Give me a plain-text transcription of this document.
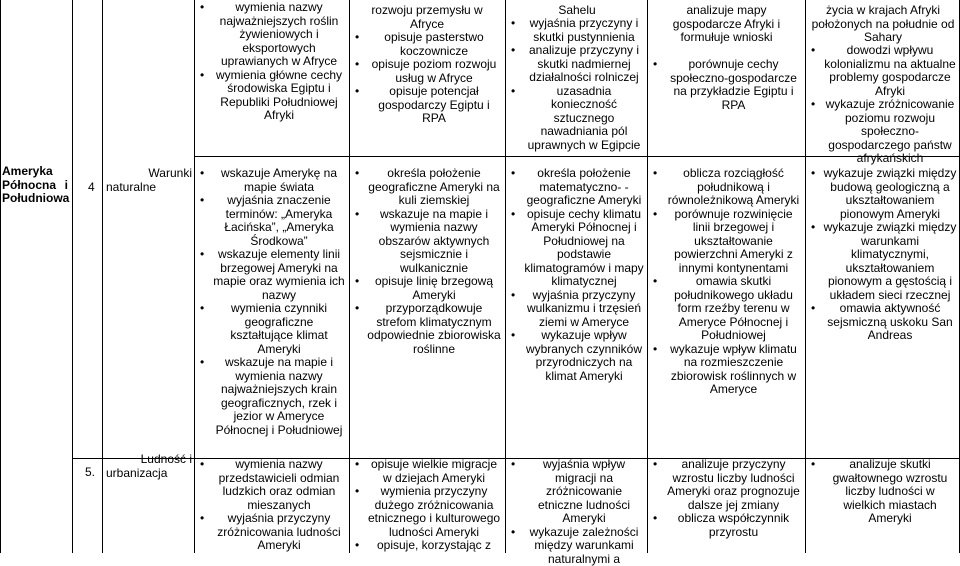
Ameryka
Północna i
Południowa
4
Warunki
naturalne
5.
Ludność i
urbanizacja
• wymienia nazwy najważniejszych roślin żywieniowych i eksportowych uprawianych w Afryce
• wymienia główne cechy środowiska Egiptu i Republiki Południowej Afryki
• wskazuje Amerykę na mapie świata
• wyjaśnia znaczenie terminów: „Ameryka Łacińska”, „Ameryka Środkowa”
• wskazuje elementy linii brzegowej Ameryki na mapie oraz wymienia ich nazwy
• wymienia czynniki geograficzne kształtujące klimat Ameryki
• wskazuje na mapie i wymienia nazwy najważniejszych krain geograficznych, rzek i jezior w Ameryce Północnej i Południowej
• wymienia nazwy przedstawicieli odmian ludzkich oraz odmian mieszanych
• wyjaśnia przyczyny zróżnicowania ludności Ameryki
rozwoju przemysłu w Afryce
• opisuje pasterstwo koczownicze
• opisuje poziom rozwoju usług w Afryce
• opisuje potencjał gospodarczy Egiptu i RPA
• określa położenie geograficzne Ameryki na kuli ziemskiej
• wskazuje na mapie i wymienia nazwy obszarów aktywnych sejsmicznie i wulkanicznie
• opisuje linię brzegową Ameryki
• przyporządkowuje strefom klimatycznym odpowiednie zbiorowiska roślinne
• opisuje wielkie migracje w dziejach Ameryki
• wymienia przyczyny dużego zróżnicowania etnicznego i kulturowego ludności Ameryki
• opisuje, korzystając z
Sahelu
• wyjaśnia przyczyny i skutki pustynnienia
• analizuje przyczyny i skutki nadmiernej działalności rolniczej
• uzasadnia konieczność sztucznego nawadniania pól uprawnych w Egipcie
• określa położenie matematyczno- -geograficzne Ameryki
• opisuje cechy klimatu Ameryki Północnej i Południowej na podstawie klimatogramów i mapy klimatycznej
• wyjaśnia przyczyny wulkanizmu i trzęsień ziemi w Ameryce
• wykazuje wpływ wybranych czynników przyrodniczych na klimat Ameryki
• wyjaśnia wpływ migracji na zróżnicowanie etniczne ludności Ameryki
• wykazuje zależności między warunkami naturalnymi a
analizuje mapy gospodarcze Afryki i formułuje wnioski
• porównuje cechy społeczno-gospodarcze na przykładzie Egiptu i RPA
• oblicza rozciągłość południkową i równoleżnikową Ameryki
• porównuje rozwinięcie linii brzegowej i ukształtowanie powierzchni Ameryki z innymi kontynentami
• omawia skutki południkowego układu form rzeźby terenu w Ameryce Północnej i Południowej
• wykazuje wpływ klimatu na rozmieszczenie zbiorowisk roślinnych w Ameryce
• analizuje przyczyny wzrostu liczby ludności Ameryki oraz prognozuje dalsze jej zmiany
• oblicza współczynnik przyrostu
życia w krajach Afryki położonych na południe od Sahary
• dowodzi wpływu kolonializmu na aktualne problemy gospodarcze Afryki
• wykazuje zróżnicowanie poziomu rozwoju społeczno-gospodarczego państw afrykańskich
• wykazuje związki między budową geologiczną a ukształtowaniem pionowym Ameryki
• wykazuje związki między warunkami klimatycznymi, ukształtowaniem pionowym a gęstością i układem sieci rzecznej
• omawia aktywność sejsmiczną uskoku San Andreas
• analizuje skutki gwałtownego wzrostu liczby ludności w wielkich miastach Ameryki
